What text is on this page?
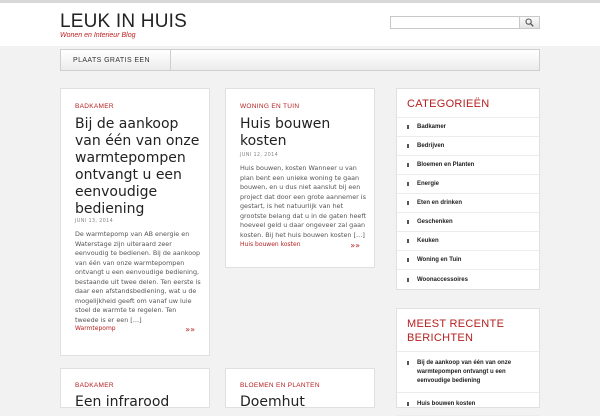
LEUK IN HUIS
Wonen en Interieur Blog
PLAATS GRATIS EEN
BADKAMER
Bij de aankoop van één van onze warmtepompen ontvangt u een eenvoudige bediening
JUNI 13, 2014
De warmtepomp van AB energie en Waterstage zijn uiteraard zeer eenvoudig te bedienen. Bij de aankoop van één van onze warmtepompen ontvangt u een eenvoudige bediening, bestaande uit twee delen. Ten eerste is daar een afstandsbediening, wat u de mogelijkheid geeft om vanaf uw luie stoel de warmte te regelen. Ten tweede is er een […]
Warmtepomp	»»
WONING EN TUIN
Huis bouwen kosten
JUNI 12, 2014
Huis bouwen, kosten Wanneer u van plan bent een unieke woning te gaan bouwen, en u dus niet aanslut bij een project dat door een grote aannemer is gestart, is het natuurlijk van het grootste belang dat u in de gaten heeft hoeveel geld u daar ongeveer zal gaan kosten. Bij het huis bouwen kosten […]
Huis bouwen kosten	»»
BADKAMER
Een infrarood
BLOEMEN EN PLANTEN
Doemhut
CATEGORIEËN
Badkamer
Bedrijven
Bloemen en Planten
Energie
Eten en drinken
Geschenken
Keuken
Woning en Tuin
Woonaccessoires
MEEST RECENTE BERICHTEN
Bij de aankoop van één van onze warmtepompen ontvangt u een eenvoudige bediening
Huis bouwen kosten
